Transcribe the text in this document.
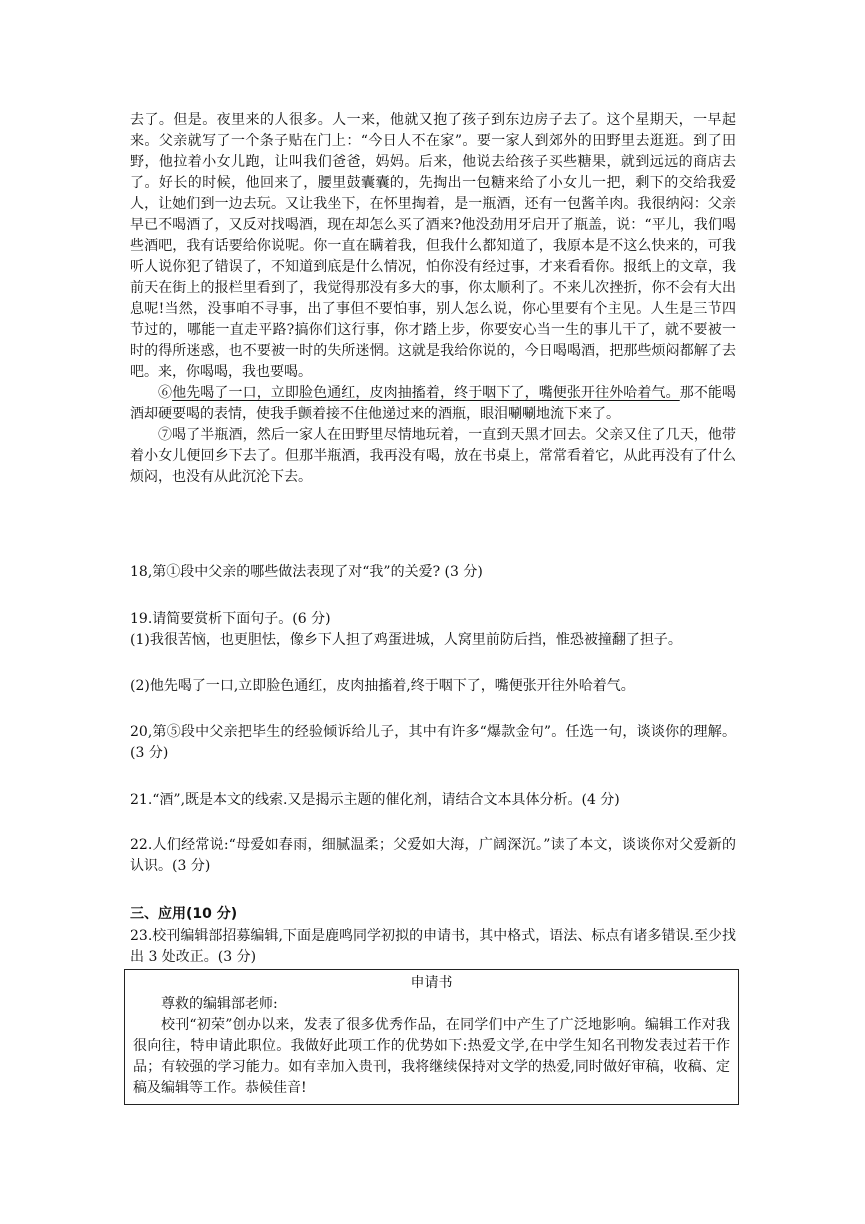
去了。但是。夜里来的人很多。人一来，他就又抱了孩子到东边房子去了。这个星期天，一早起来。父亲就写了一个条子贴在门上：“今日人不在家”。要一家人到郊外的田野里去逛逛。到了田野，他拉着小女儿跑，让叫我们爸爸，妈妈。后来，他说去给孩子买些糖果，就到远远的商店去了。好长的时候，他回来了，腰里鼓囊囊的，先掏出一包糖来给了小女儿一把，剩下的交给我爱人，让她们到一边去玩。又让我坐下，在怀里掏着，是一瓶酒，还有一包酱羊肉。我很纳闷：父亲早已不喝酒了，又反对找喝酒，现在却怎么买了酒来?他没劲用牙启开了瓶盖，说：“平儿，我们喝些酒吧，我有话要给你说呢。你一直在瞒着我，但我什么都知道了，我原本是不这么快来的，可我听人说你犯了错误了，不知道到底是什么情况，怕你没有经过事，才来看看你。报纸上的文章，我前天在街上的报栏里看到了，我觉得那没有多大的事，你太顺利了。不来儿次挫折，你不会有大出息呢!当然，没事咱不寻事，出了事但不要怕事，别人怎么说，你心里要有个主见。人生是三节四节过的，哪能一直走平路?搞你们这行事，你才踏上步，你要安心当一生的事儿干了，就不要被一时的得所迷惑，也不要被一时的失所迷惘。这就是我给你说的，今日喝喝酒，把那些烦闷都解了去吧。来，你喝喝，我也要喝。

⑥他先喝了一口，立即脸色通红，皮肉抽搐着，终于咽下了，嘴便张开往外哈着气。那不能喝酒却硬要喝的表情，使我手颤着接不住他递过来的酒瓶，眼泪唰唰地流下来了。

⑦喝了半瓶酒，然后一家人在田野里尽情地玩着，一直到天黑才回去。父亲又住了几天，他带着小女儿便回乡下去了。但那半瓶酒，我再没有喝，放在书桌上，常常看着它，从此再没有了什么烦闷，也没有从此沉沦下去。

18,第①段中父亲的哪些做法表现了对“我”的关爱? (3 分)

19.请简要赏析下面句子。(6 分)

(1)我很苦恼，也更胆怯，像乡下人担了鸡蛋进城，人窝里前防后挡，惟恐被撞翻了担子。

(2)他先喝了一口,立即脸色通红，皮肉抽搐着,终于咽下了，嘴便张开往外哈着气。

20,第⑤段中父亲把毕生的经验倾诉给儿子，其中有许多“爆款金句”。任选一句，谈谈你的理解。(3 分)

21.“酒”,既是本文的线索.又是揭示主题的催化剂，请结合文本具体分析。(4 分)

22.人们经常说:“母爱如春雨，细腻温柔；父爱如大海，广阔深沉。”读了本文，谈谈你对父爱新的认识。(3 分)

三、应用(10 分)

23.校刊编辑部招募编辑,下面是鹿鸣同学初拟的申请书，其中格式，语法、标点有诸多错误.至少找出 3 处改正。(3 分)

申请书

尊救的编辑部老师:

校刊“初荣”创办以来，发表了很多优秀作品，在同学们中产生了广泛地影响。编辑工作对我很向往，特申请此职位。我做好此项工作的优势如下:热爱文学,在中学生知名刊物发表过若干作品；有较强的学习能力。如有幸加入贵刊，我将继续保持对文学的热爱,同时做好审稿，收稿、定稿及编辑等工作。恭候佳音!
